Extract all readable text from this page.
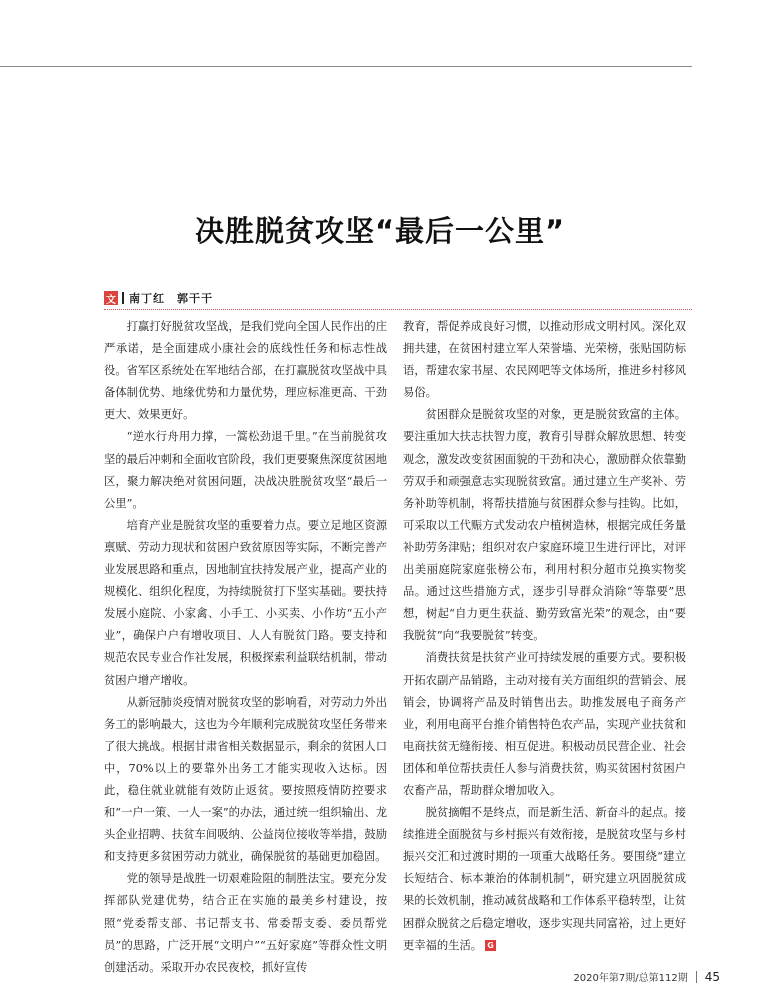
决胜脱贫攻坚“最后一公里”
文 南丁红　郭干干

打赢打好脱贫攻坚战，是我们党向全国人民作出的庄严承诺，是全面建成小康社会的底线性任务和标志性战役。省军区系统处在军地结合部，在打赢脱贫攻坚战中具备体制优势、地缘优势和力量优势，理应标准更高、干劲更大、效果更好。

“逆水行舟用力撑，一篙松劲退千里。”在当前脱贫攻坚的最后冲刺和全面收官阶段，我们更要聚焦深度贫困地区，聚力解决绝对贫困问题，决战决胜脱贫攻坚“最后一公里”。

培育产业是脱贫攻坚的重要着力点。要立足地区资源禀赋、劳动力现状和贫困户致贫原因等实际，不断完善产业发展思路和重点，因地制宜扶持发展产业，提高产业的规模化、组织化程度，为持续脱贫打下坚实基础。要扶持发展小庭院、小家禽、小手工、小买卖、小作坊“五小产业”，确保户户有增收项目、人人有脱贫门路。要支持和规范农民专业合作社发展，积极探索利益联结机制，带动贫困户增产增收。

从新冠肺炎疫情对脱贫攻坚的影响看，对劳动力外出务工的影响最大，这也为今年顺利完成脱贫攻坚任务带来了很大挑战。根据甘肃省相关数据显示，剩余的贫困人口中，70%以上的要靠外出务工才能实现收入达标。因此，稳住就业就能有效防止返贫。要按照疫情防控要求和“一户一策、一人一案”的办法，通过统一组织输出、龙头企业招聘、扶贫车间吸纳、公益岗位接收等举措，鼓励和支持更多贫困劳动力就业，确保脱贫的基础更加稳固。

党的领导是战胜一切艰难险阻的制胜法宝。要充分发挥部队党建优势，结合正在实施的最美乡村建设，按照“党委帮支部、书记帮支书、常委帮支委、委员帮党员”的思路，广泛开展“文明户”“五好家庭”等群众性文明创建活动。采取开办农民夜校，抓好宣传

教育，帮促养成良好习惯，以推动形成文明村风。深化双拥共建，在贫困村建立军人荣誉墙、光荣榜，张贴国防标语，帮建农家书屋、农民网吧等文体场所，推进乡村移风易俗。

贫困群众是脱贫攻坚的对象，更是脱贫致富的主体。要注重加大扶志扶智力度，教育引导群众解放思想、转变观念，激发改变贫困面貌的干劲和决心，激励群众依靠勤劳双手和顽强意志实现脱贫致富。通过建立生产奖补、劳务补助等机制，将帮扶措施与贫困群众参与挂钩。比如，可采取以工代赈方式发动农户植树造林，根据完成任务量补助劳务津贴；组织对农户家庭环境卫生进行评比，对评出美丽庭院家庭张榜公布，利用村积分超市兑换实物奖品。通过这些措施方式，逐步引导群众消除“等靠要”思想，树起“自力更生获益、勤劳致富光荣”的观念，由“要我脱贫”向“我要脱贫”转变。

消费扶贫是扶贫产业可持续发展的重要方式。要积极开拓农副产品销路，主动对接有关方面组织的营销会、展销会，协调将产品及时销售出去。助推发展电子商务产业，利用电商平台推介销售特色农产品，实现产业扶贫和电商扶贫无缝衔接、相互促进。积极动员民营企业、社会团体和单位帮扶责任人参与消费扶贫，购买贫困村贫困户农畜产品，帮助群众增加收入。

脱贫摘帽不是终点，而是新生活、新奋斗的起点。接续推进全面脱贫与乡村振兴有效衔接，是脱贫攻坚与乡村振兴交汇和过渡时期的一项重大战略任务。要围绕“建立长短结合、标本兼治的体制机制”，研究建立巩固脱贫成果的长效机制，推动减贫战略和工作体系平稳转型，让贫困群众脱贫之后稳定增收，逐步实现共同富裕，过上更好更幸福的生活。 G

2020年第7期/总第112期 45
